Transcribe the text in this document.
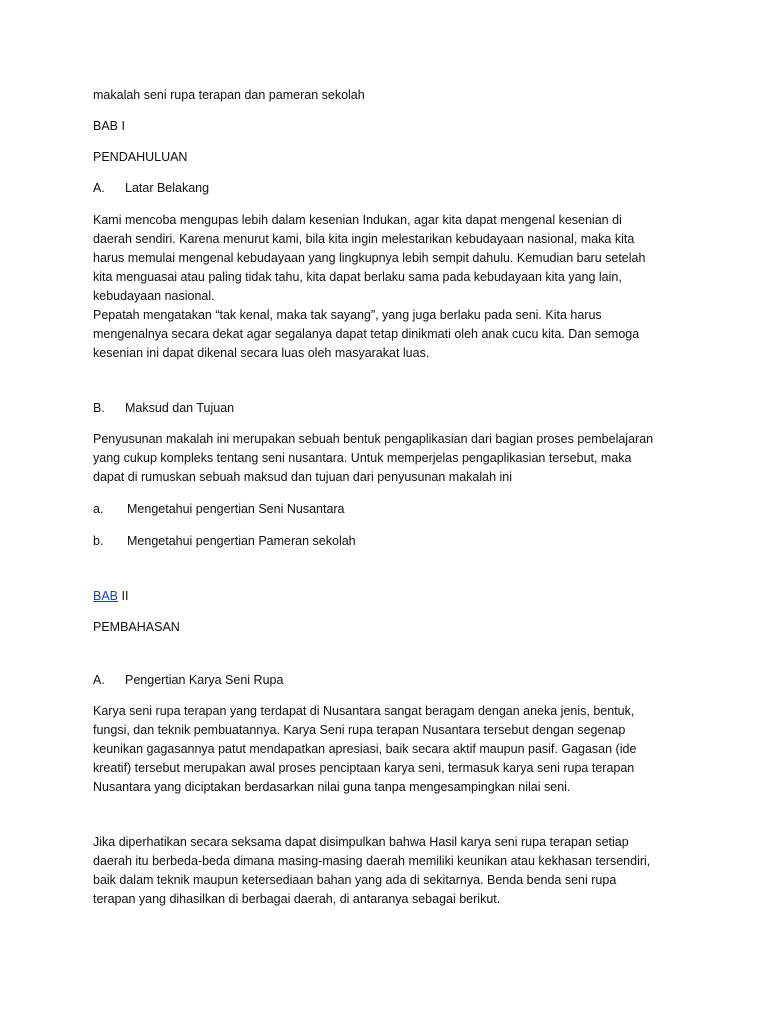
makalah seni rupa terapan dan pameran sekolah

BAB I

PENDAHULUAN

A. Latar Belakang

Kami mencoba mengupas lebih dalam kesenian Indukan, agar kita dapat mengenal kesenian di
daerah sendiri. Karena menurut kami, bila kita ingin melestarikan kebudayaan nasional, maka kita
harus memulai mengenal kebudayaan yang lingkupnya lebih sempit dahulu. Kemudian baru setelah
kita menguasai atau paling tidak tahu, kita dapat berlaku sama pada kebudayaan kita yang lain,
kebudayaan nasional.
Pepatah mengatakan “tak kenal, maka tak sayang”, yang juga berlaku pada seni. Kita harus
mengenalnya secara dekat agar segalanya dapat tetap dinikmati oleh anak cucu kita. Dan semoga
kesenian ini dapat dikenal secara luas oleh masyarakat luas.

B. Maksud dan Tujuan

Penyusunan makalah ini merupakan sebuah bentuk pengaplikasian dari bagian proses pembelajaran
yang cukup kompleks tentang seni nusantara. Untuk memperjelas pengaplikasian tersebut, maka
dapat di rumuskan sebuah maksud dan tujuan dari penyusunan makalah ini

a. Mengetahui pengertian Seni Nusantara

b. Mengetahui pengertian Pameran sekolah

BAB II

PEMBAHASAN

A. Pengertian Karya Seni Rupa

Karya seni rupa terapan yang terdapat di Nusantara sangat beragam dengan aneka jenis, bentuk,
fungsi, dan teknik pembuatannya. Karya Seni rupa terapan Nusantara tersebut dengan segenap
keunikan gagasannya patut mendapatkan apresiasi, baik secara aktif maupun pasif. Gagasan (ide
kreatif) tersebut merupakan awal proses penciptaan karya seni, termasuk karya seni rupa terapan
Nusantara yang diciptakan berdasarkan nilai guna tanpa mengesampingkan nilai seni.
Jika diperhatikan secara seksama dapat disimpulkan bahwa Hasil karya seni rupa terapan setiap
daerah itu berbeda-beda dimana masing-masing daerah memiliki keunikan atau kekhasan tersendiri,
baik dalam teknik maupun ketersediaan bahan yang ada di sekitarnya. Benda benda seni rupa
terapan yang dihasilkan di berbagai daerah, di antaranya sebagai berikut.
